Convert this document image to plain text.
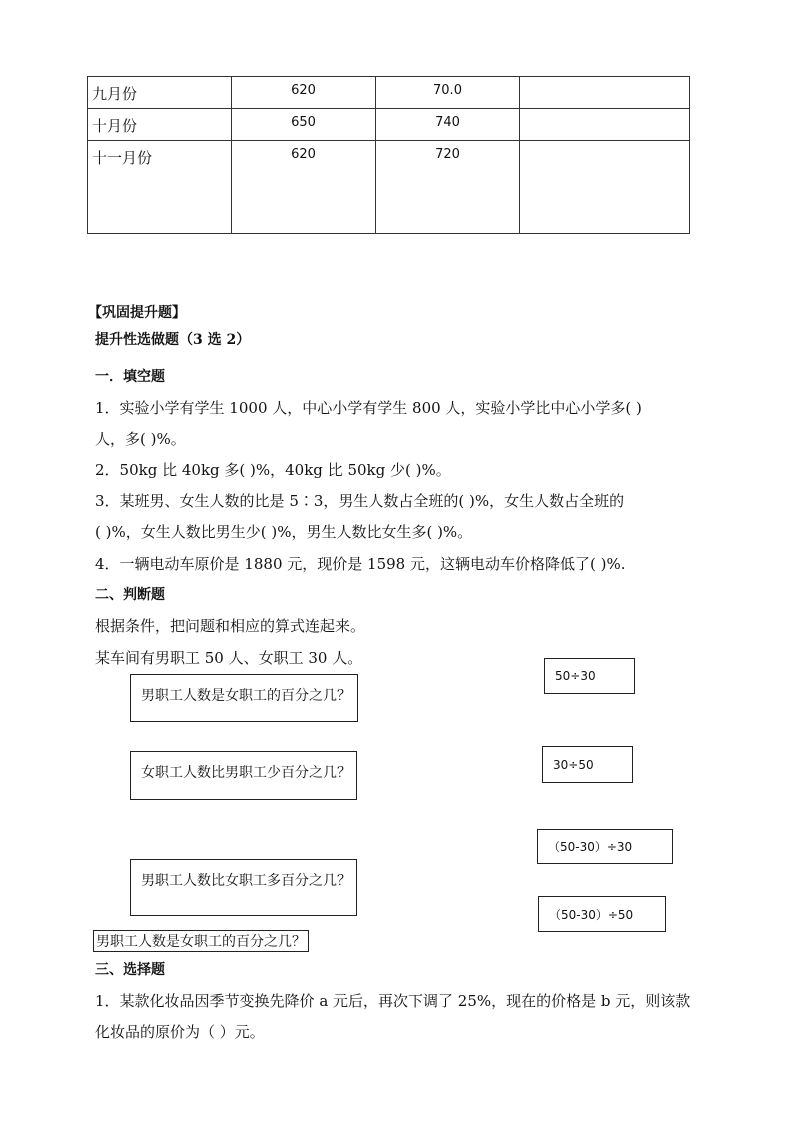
九月份	620	70.0	
十月份	650	740	
十一月份	620	720	
【巩固提升题】
提升性选做题（3 选 2）
一．填空题
1．实验小学有学生 1000 人，中心小学有学生 800 人，实验小学比中心小学多( )
人，多( )%。
2．50kg 比 40kg 多( )%，40kg 比 50kg 少( )%。
3．某班男、女生人数的比是 5∶3，男生人数占全班的( )%，女生人数占全班的
( )%，女生人数比男生少( )%，男生人数比女生多( )%。
4．一辆电动车原价是 1880 元，现价是 1598 元，这辆电动车价格降低了( )%.
二、判断题
根据条件，把问题和相应的算式连起来。
某车间有男职工 50 人、女职工 30 人。
男职工人数是女职工的百分之几？
女职工人数比男职工少百分之几？
男职工人数比女职工多百分之几？
50÷30
30÷50
（50-30）÷30
（50-30）÷50
男职工人数是女职工的百分之几？
三、选择题
1．某款化妆品因季节变换先降价 a 元后，再次下调了 25%，现在的价格是 b 元，则该款
化妆品的原价为（ ）元。
